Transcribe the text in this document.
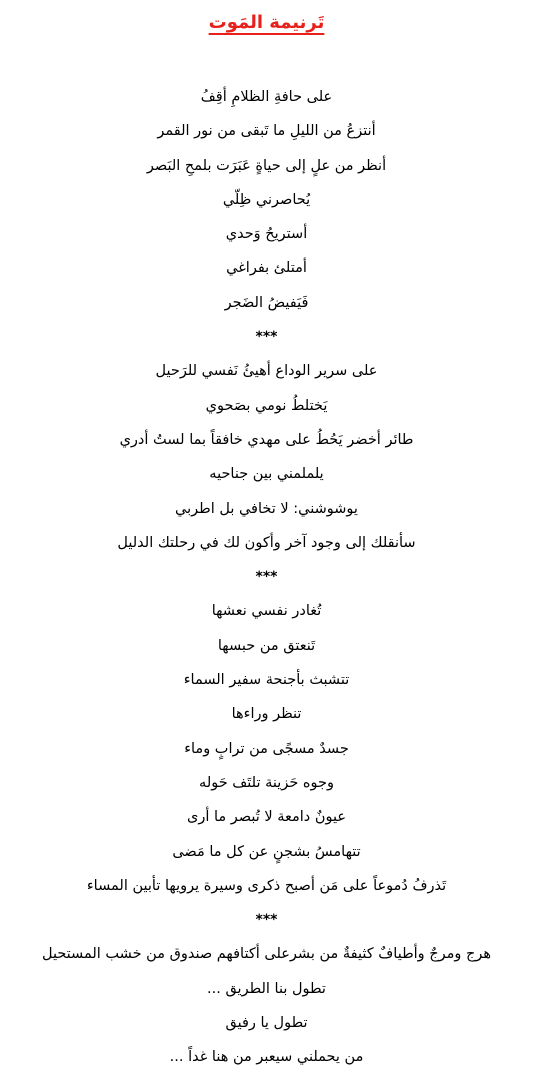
تَرنيمة المَوت
على حافةِ الظلامِ أقِفُ
أنتزعُ من الليلِ ما تَبقى من نور القمر
أنظر من علٍ إلى حياةٍ عَبَرَت بلمحِ البَصر
يُحاصرني ظِلّي
أستريحُ وَحدي
أمتلئ بفراغي
فَيَفيضُ الضَجر
***
على سرير الوداع أهيئُ نَفسي للرَحيل
يَختلطُ نومي بصَحوي
طائر أخضر يَحُطُ على مهدي خافقاً بما لستُ أدري
يلملمني بين جناحيه
يوشوشني: لا تخافي بل اطربي
سأنقلك إلى وجود آخر وأكون لك في رحلتك الدليل
***
تُغادر نفسي نعشها
تَنعتق من حبسها
تتشبث بأجنحة سفير السماء
تنظر وراءها
جسدٌ مسجًى من ترابٍ وماء
وجوه حَزينة تلتَف حَوله
عيونٌ دامعة لا تُبصر ما أرى
تتهامسُ بشجنٍ عن كل ما مَضى
تَذرفُ دُموعاً على مَن أصبح ذكرى وسيرة يرويها تأبين المساء
***
هرج ومرجٌ وأطيافٌ كثيفةٌ من بشرعلى أكتافهم صندوق من خشب المستحيل
تطول بنا الطريق ...
تطول يا رفيق
من يحملني سيعبر من هنا غداً ...
